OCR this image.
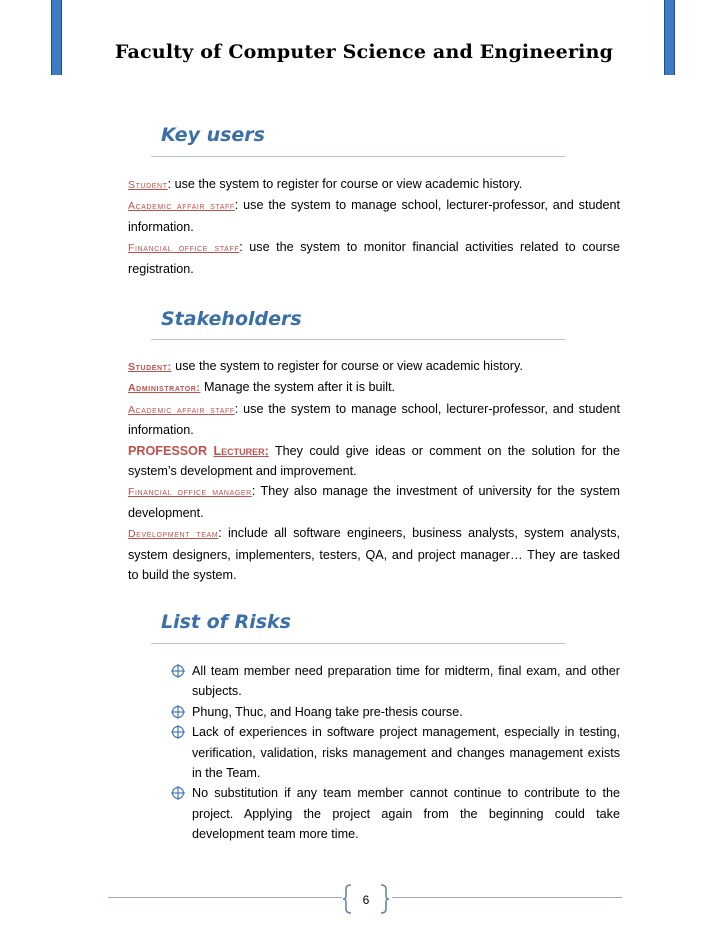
Faculty of Computer Science and Engineering
Key users

Student: use the system to register for course or view academic history.

Academic affair staff: use the system to manage school, lecturer-professor, and student information.

Financial office staff: use the system to monitor financial activities related to course registration.

Stakeholders

Student: use the system to register for course or view academic history.

Administrator: Manage the system after it is built.

Academic affair staff: use the system to manage school, lecturer-professor, and student information.

PROFESSOR Lecturer: They could give ideas or comment on the solution for the system’s development and improvement.

Financial office manager: They also manage the investment of university for the system development.

Development team: include all software engineers, business analysts, system analysts, system designers, implementers, testers, QA, and project manager… They are tasked to build the system.

List of Risks
All team member need preparation time for midterm, final exam, and other subjects.
Phung, Thuc, and Hoang take pre-thesis course.
Lack of experiences in software project management, especially in testing, verification, validation, risks management and changes management exists in the Team.
No substitution if any team member cannot continue to contribute to the project. Applying the project again from the beginning could take development team more time.
6
